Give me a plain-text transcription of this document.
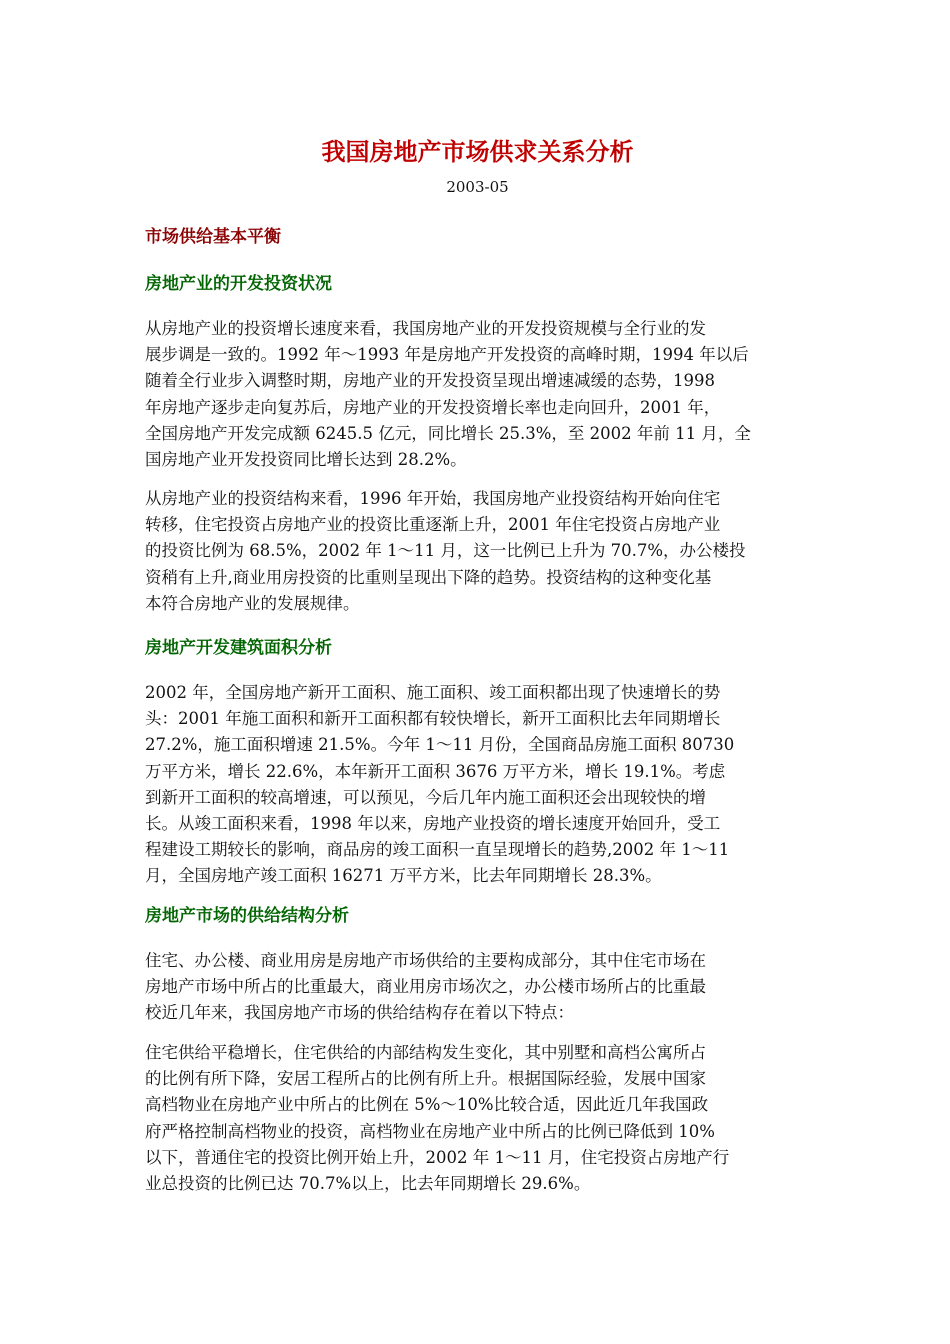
我国房地产市场供求关系分析
2003-05
市场供给基本平衡
房地产业的开发投资状况
从房地产业的投资增长速度来看，我国房地产业的开发投资规模与全行业的发
展步调是一致的。1992 年～1993 年是房地产开发投资的高峰时期，1994 年以后
随着全行业步入调整时期，房地产业的开发投资呈现出增速减缓的态势，1998
年房地产逐步走向复苏后，房地产业的开发投资增长率也走向回升，2001 年，
全国房地产开发完成额 6245.5 亿元，同比增长 25.3%，至 2002 年前 11 月，全
国房地产业开发投资同比增长达到 28.2%。
从房地产业的投资结构来看，1996 年开始，我国房地产业投资结构开始向住宅
转移，住宅投资占房地产业的投资比重逐渐上升，2001 年住宅投资占房地产业
的投资比例为 68.5%，2002 年 1～11 月，这一比例已上升为 70.7%，办公楼投
资稍有上升,商业用房投资的比重则呈现出下降的趋势。投资结构的这种变化基
本符合房地产业的发展规律。
房地产开发建筑面积分析
2002 年，全国房地产新开工面积、施工面积、竣工面积都出现了快速增长的势
头：2001 年施工面积和新开工面积都有较快增长，新开工面积比去年同期增长
27.2%，施工面积增速 21.5%。今年 1～11 月份，全国商品房施工面积 80730
万平方米，增长 22.6%，本年新开工面积 3676 万平方米，增长 19.1%。考虑
到新开工面积的较高增速，可以预见，今后几年内施工面积还会出现较快的增
长。从竣工面积来看，1998 年以来，房地产业投资的增长速度开始回升，受工
程建设工期较长的影响，商品房的竣工面积一直呈现增长的趋势,2002 年 1～11
月，全国房地产竣工面积 16271 万平方米，比去年同期增长 28.3%。
房地产市场的供给结构分析
住宅、办公楼、商业用房是房地产市场供给的主要构成部分，其中住宅市场在
房地产市场中所占的比重最大，商业用房市场次之，办公楼市场所占的比重最
校近几年来，我国房地产市场的供给结构存在着以下特点：
住宅供给平稳增长，住宅供给的内部结构发生变化，其中别墅和高档公寓所占
的比例有所下降，安居工程所占的比例有所上升。根据国际经验，发展中国家
高档物业在房地产业中所占的比例在 5%～10%比较合适，因此近几年我国政
府严格控制高档物业的投资，高档物业在房地产业中所占的比例已降低到 10%
以下，普通住宅的投资比例开始上升，2002 年 1～11 月，住宅投资占房地产行
业总投资的比例已达 70.7%以上，比去年同期增长 29.6%。
